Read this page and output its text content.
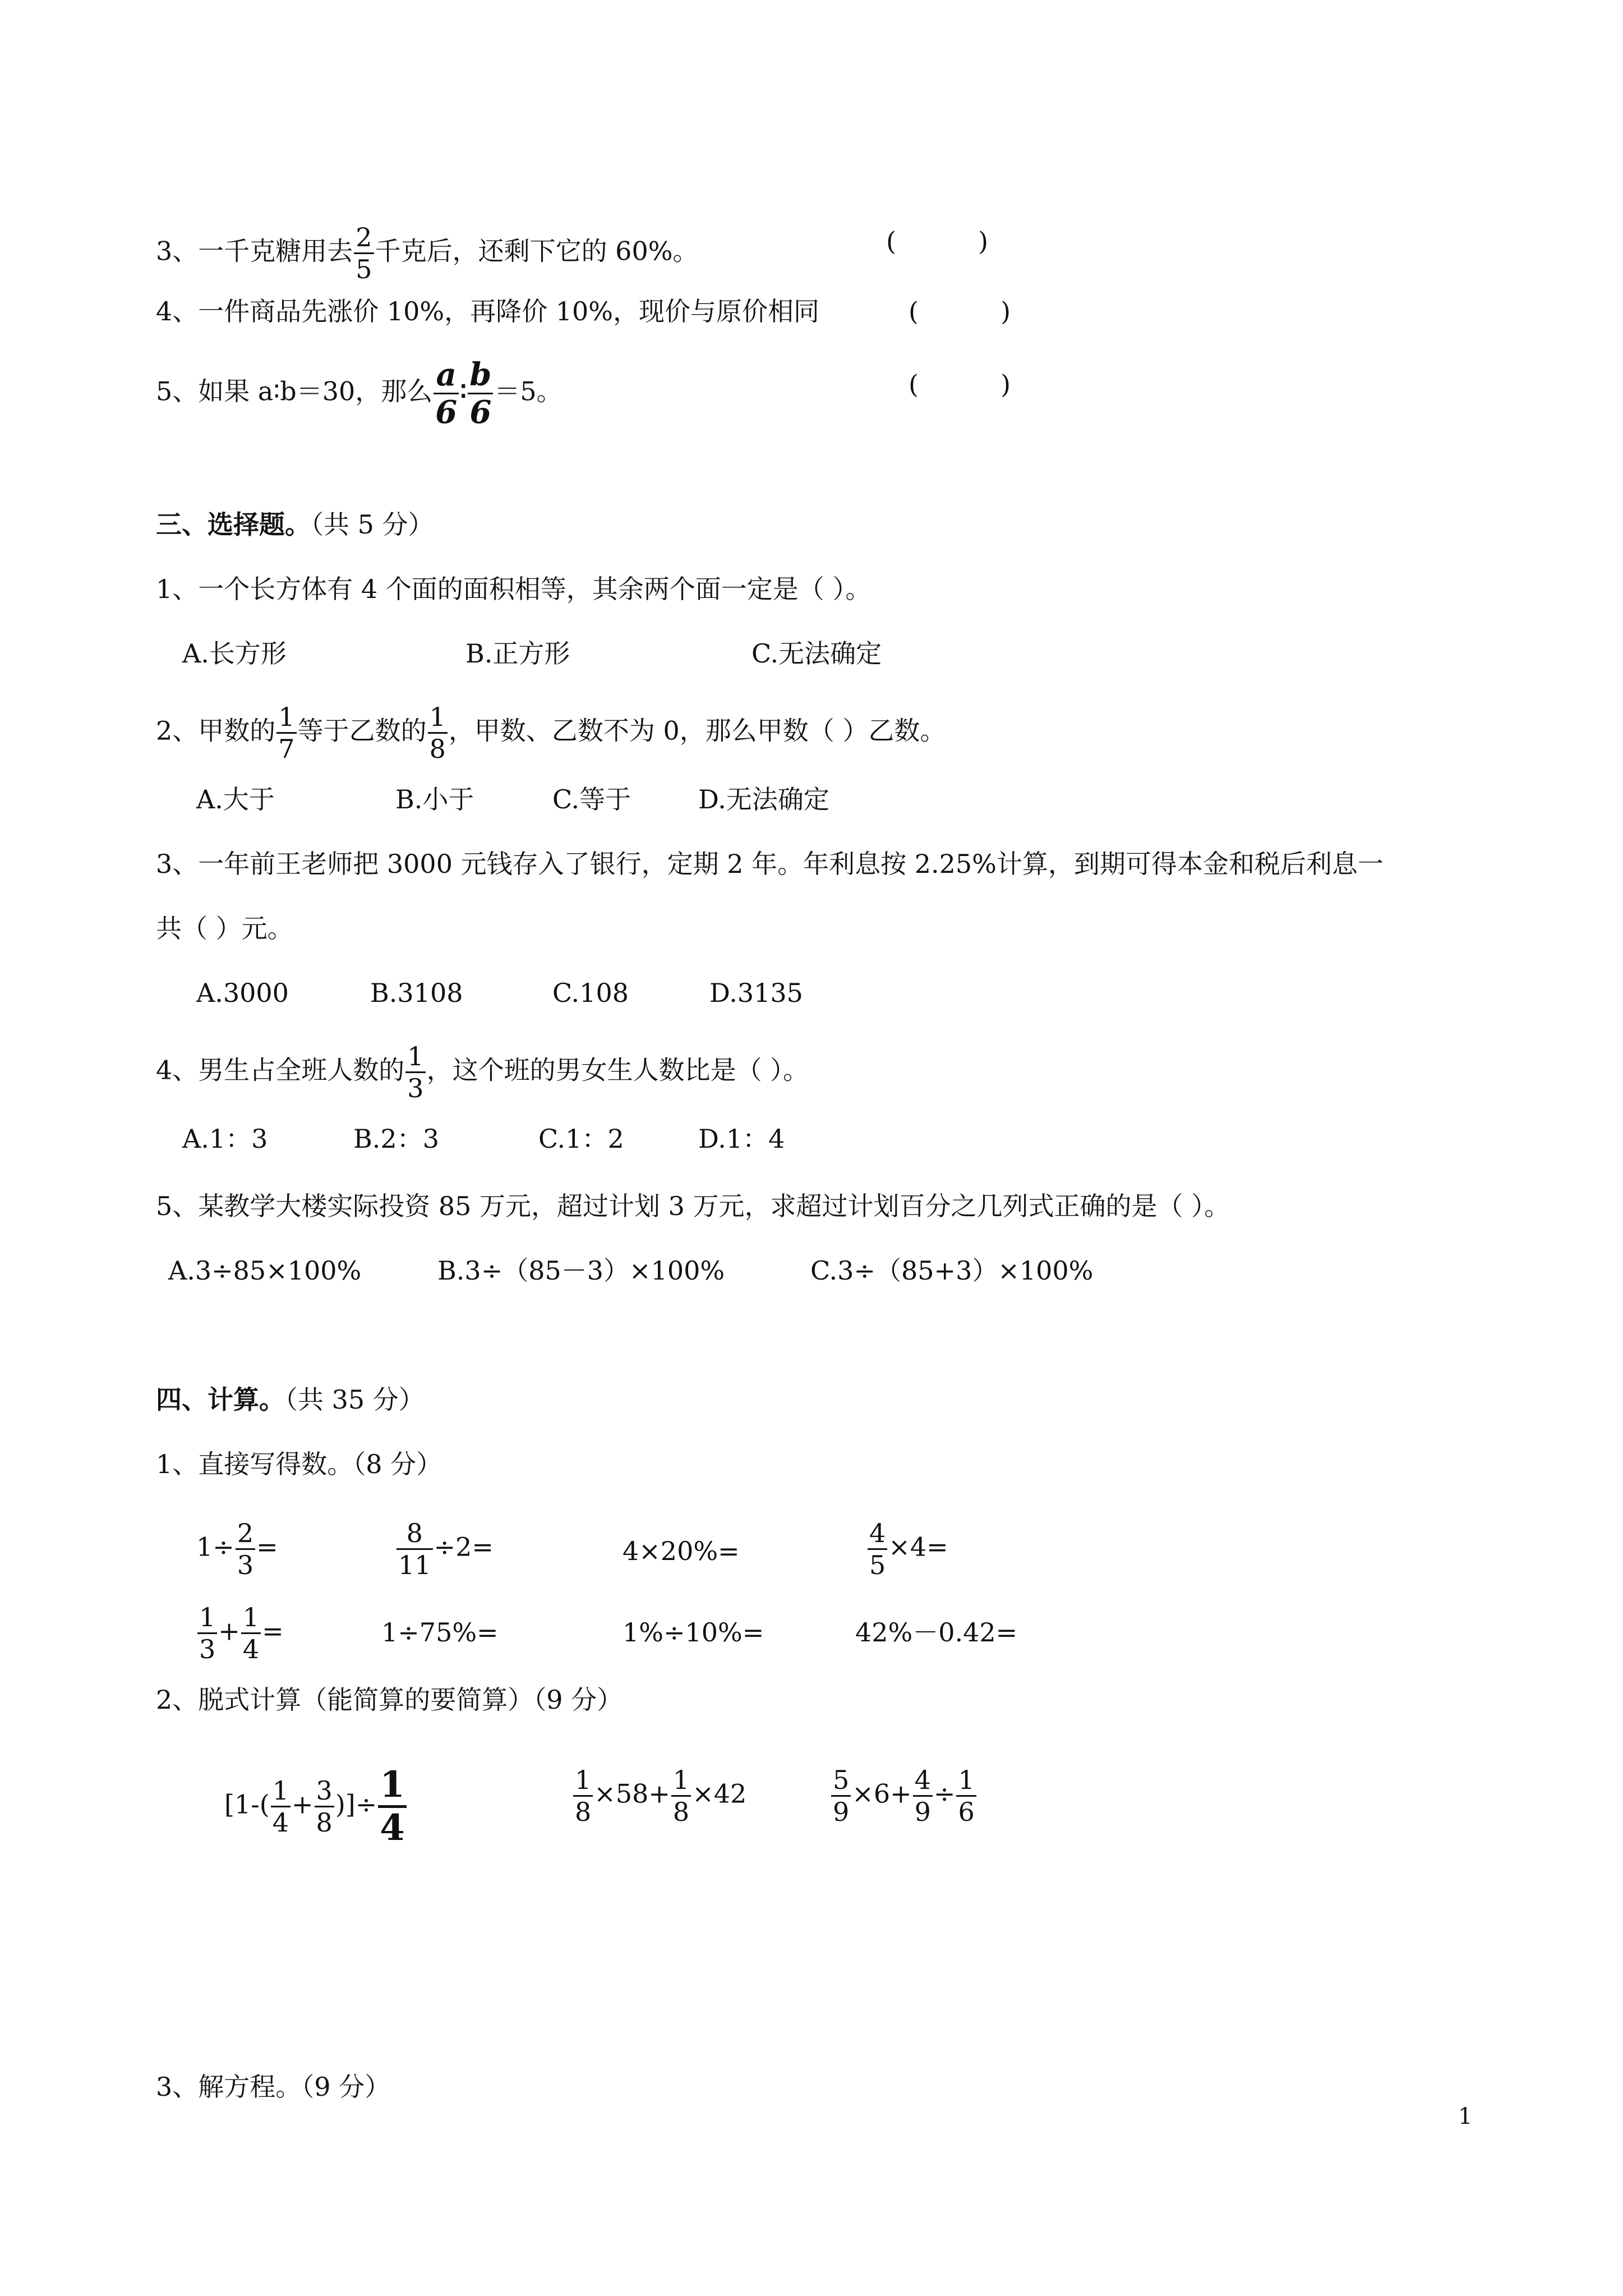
3、一千克糖用去 $\frac{2}{5}$ 千克后，还剩下它的 60%。	(          )
4、一件商品先涨价 10%，再降价 10%，现价与原价相同	(          )
5、如果 a∶b＝30，那么 $\frac{a}{6}$ ∶ $\frac{b}{6} =5$。	(          )
三、选择题。（共 5 分）
1、一个长方体有 4 个面的面积相等，其余两个面一定是（ ）。
A.长方形	B.正方形	C.无法确定
2、甲数的 $\frac{1}{7}$ 等于乙数的 $\frac{1}{8}$ ，甲数、乙数不为 0，那么甲数（ ）乙数。
A.大于	B.小于	C.等于	D.无法确定
3、一年前王老师把 3000 元钱存入了银行，定期 2 年。年利息按 2.25%计算，到期可得本金和税后利息一
共（ ）元。
A.3000	B.3108	C.108	D.3135
4、男生占全班人数的 $\frac{1}{3}$ ，这个班的男女生人数比是（ ）。
A.1：3	B.2：3	C.1：2	D.1：4
5、某教学大楼实际投资 85 万元，超过计划 3 万元，求超过计划百分之几列式正确的是（ ）。
A.3÷85×100%	B.3÷（85－3）×100%	C.3÷（85+3）×100%
四、计算。（共 35 分）
1、直接写得数。（8 分）
$1\div \frac{2}{3}$ =	$\frac{8}{11} \div 2=$	4×20%=	$\frac{4}{5} \times 4=$
$\frac{1}{3} + \frac{1}{4}$ =	1÷75%=	1%÷10%=	42%－0.42=
2、脱式计算（能简算的要简算）（9 分）
[$1-( \frac{1}{4} + \frac{3}{8}$ )]÷ $\frac{1}{4}$	$\frac{1}{8} \times 58+ \frac{1}{8} \times 42$	$\frac{5}{9} \times 6+ \frac{4}{9} \div \frac{1}{6}$
3、解方程。（9 分）
1
